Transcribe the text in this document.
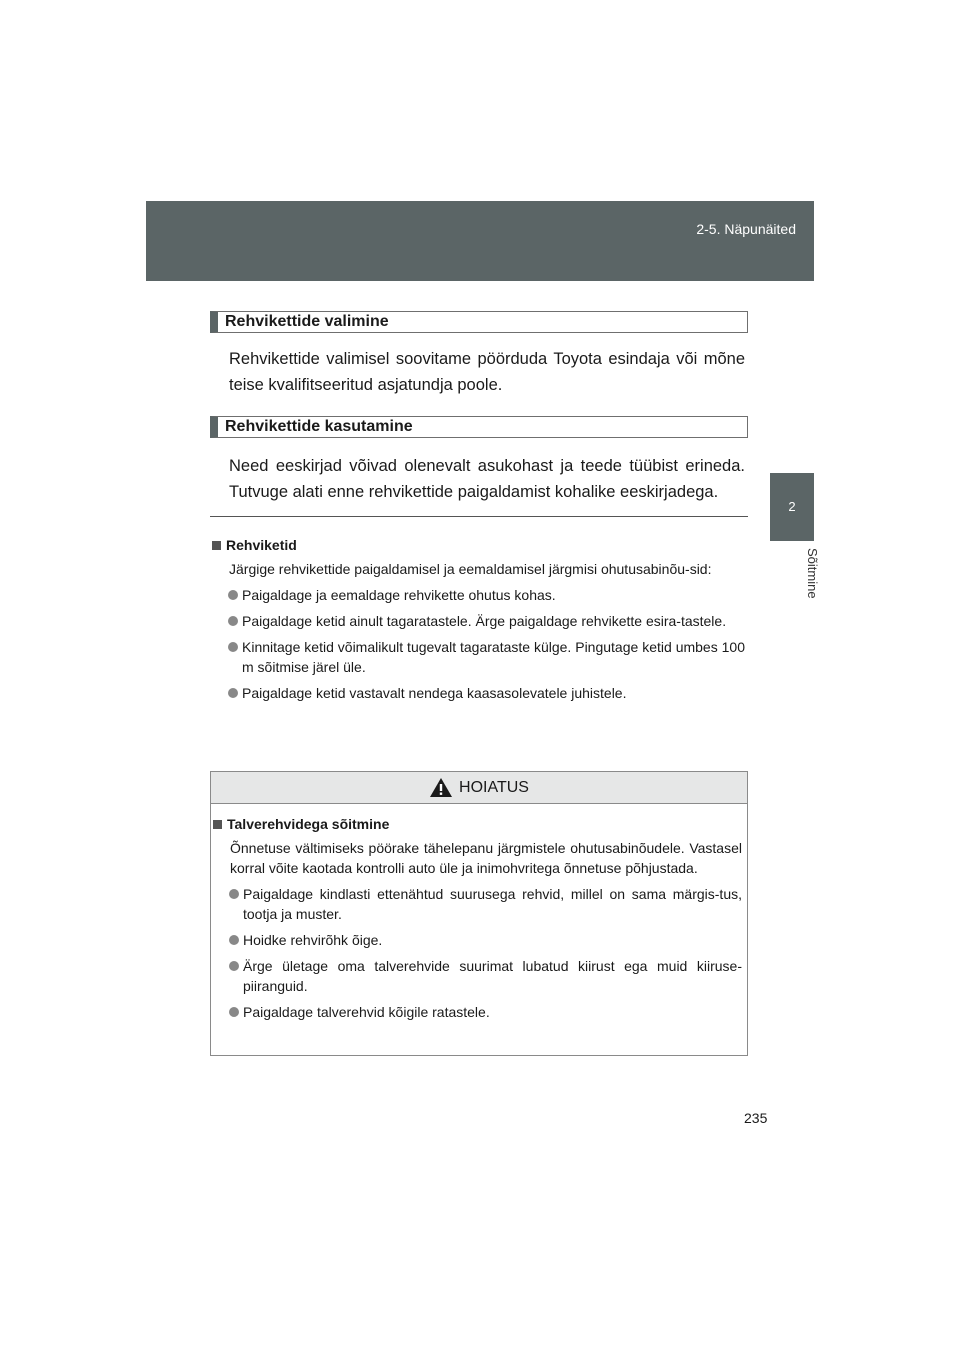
2-5. Näpunäited
2
Sõitmine
Rehvikettide valimine
Rehvikettide valimisel soovitame pöörduda Toyota esindaja või mõne teise kvalifitseeritud asjatundja poole.
Rehvikettide kasutamine
Need eeskirjad võivad olenevalt asukohast ja teede tüübist erineda. Tutvuge alati enne rehvikettide paigaldamist kohalike eeskirjadega.
Rehviketid
Järgige rehvikettide paigaldamisel ja eemaldamisel järgmisi ohutusabinõu-sid:
Paigaldage ja eemaldage rehvikette ohutus kohas.
Paigaldage ketid ainult tagaratastele. Ärge paigaldage rehvikette esira-tastele.
Kinnitage ketid võimalikult tugevalt tagarataste külge. Pingutage ketid umbes 100 m sõitmise järel üle.
Paigaldage ketid vastavalt nendega kaasasolevatele juhistele.
HOIATUS
Talverehvidega sõitmine
Õnnetuse vältimiseks pöörake tähelepanu järgmistele ohutusabinõudele. Vastasel korral võite kaotada kontrolli auto üle ja inimohvritega õnnetuse põhjustada.
Paigaldage kindlasti ettenähtud suurusega rehvid, millel on sama märgis-tus, tootja ja muster.
Hoidke rehvirõhk õige.
Ärge ületage oma talverehvide suurimat lubatud kiirust ega muid kiiruse-piiranguid.
Paigaldage talverehvid kõigile ratastele.
235
